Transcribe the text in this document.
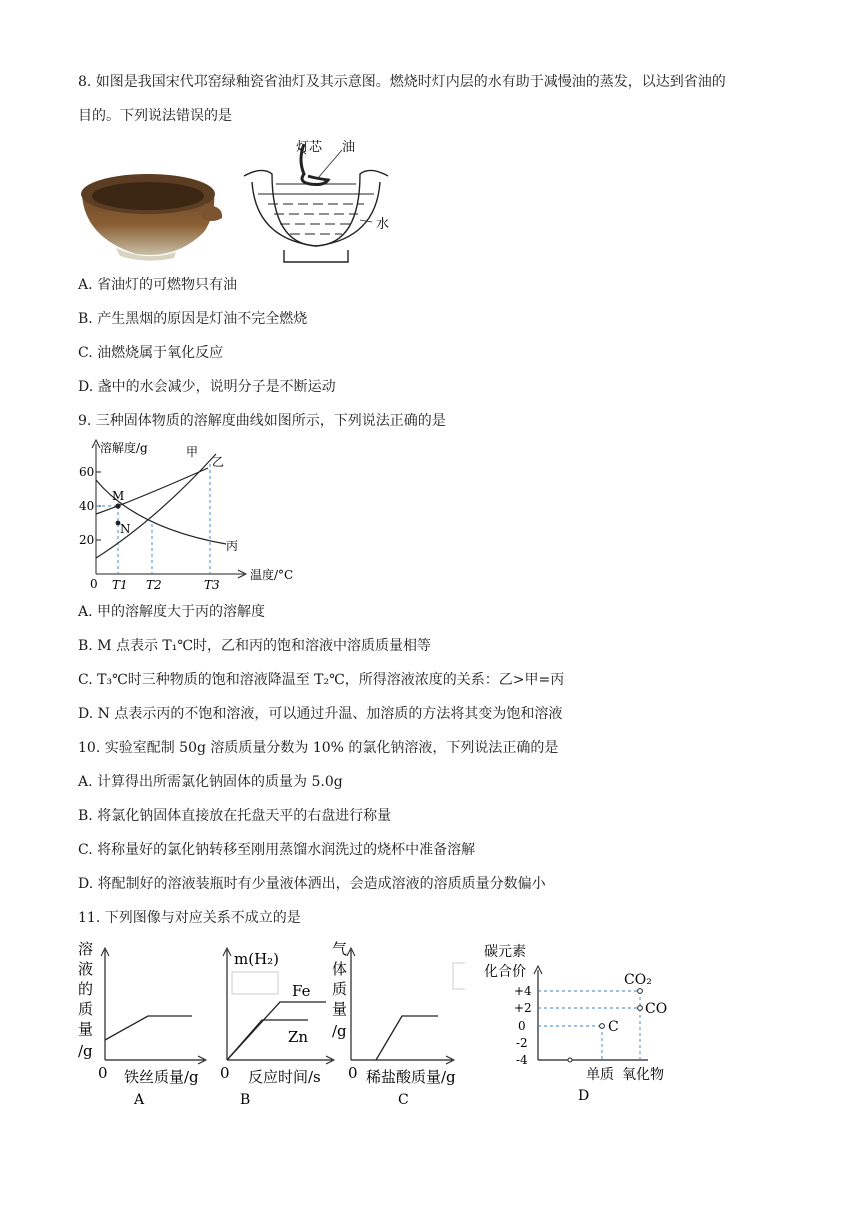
8. 如图是我国宋代邛窑绿釉瓷省油灯及其示意图。燃烧时灯内层的水有助于减慢油的蒸发，以达到省油的
目的。下列说法错误的是
灯芯 油
水
A. 省油灯的可燃物只有油
B. 产生黑烟的原因是灯油不完全燃烧
C. 油燃烧属于氧化反应
D. 盏中的水会减少，说明分子是不断运动
9. 三种固体物质的溶解度曲线如图所示，下列说法正确的是
20
40
60
溶解度/g
0
温度/°C
T1 T2	T3
甲
乙
丙
M
N
A. 甲的溶解度大于丙的溶解度
B. M 点表示 T₁℃时，乙和丙的饱和溶液中溶质质量相等
C. T₃℃时三种物质的饱和溶液降温至 T₂℃，所得溶液浓度的关系：乙>甲=丙
D. N 点表示丙的不饱和溶液，可以通过升温、加溶质的方法将其变为饱和溶液
10. 实验室配制 50g 溶质质量分数为 10% 的氯化钠溶液，下列说法正确的是
A. 计算得出所需氯化钠固体的质量为 5.0g
B. 将氯化钠固体直接放在托盘天平的右盘进行称量
C. 将称量好的氯化钠转移至刚用蒸馏水润洗过的烧杯中准备溶解
D. 将配制好的溶液装瓶时有少量液体洒出，会造成溶液的溶质质量分数偏小
11. 下列图像与对应关系不成立的是
溶
液
的
质
量
/g
0 铁丝质量/g
A
m(H₂)
Fe
Zn
0 反应时间/s
B
气
体
质
量
/g
0 稀盐酸质量/g
C
碳元素
化合价
+4
+2
0
-2
-4
CO₂
CO
C
单质 氧化物
D
